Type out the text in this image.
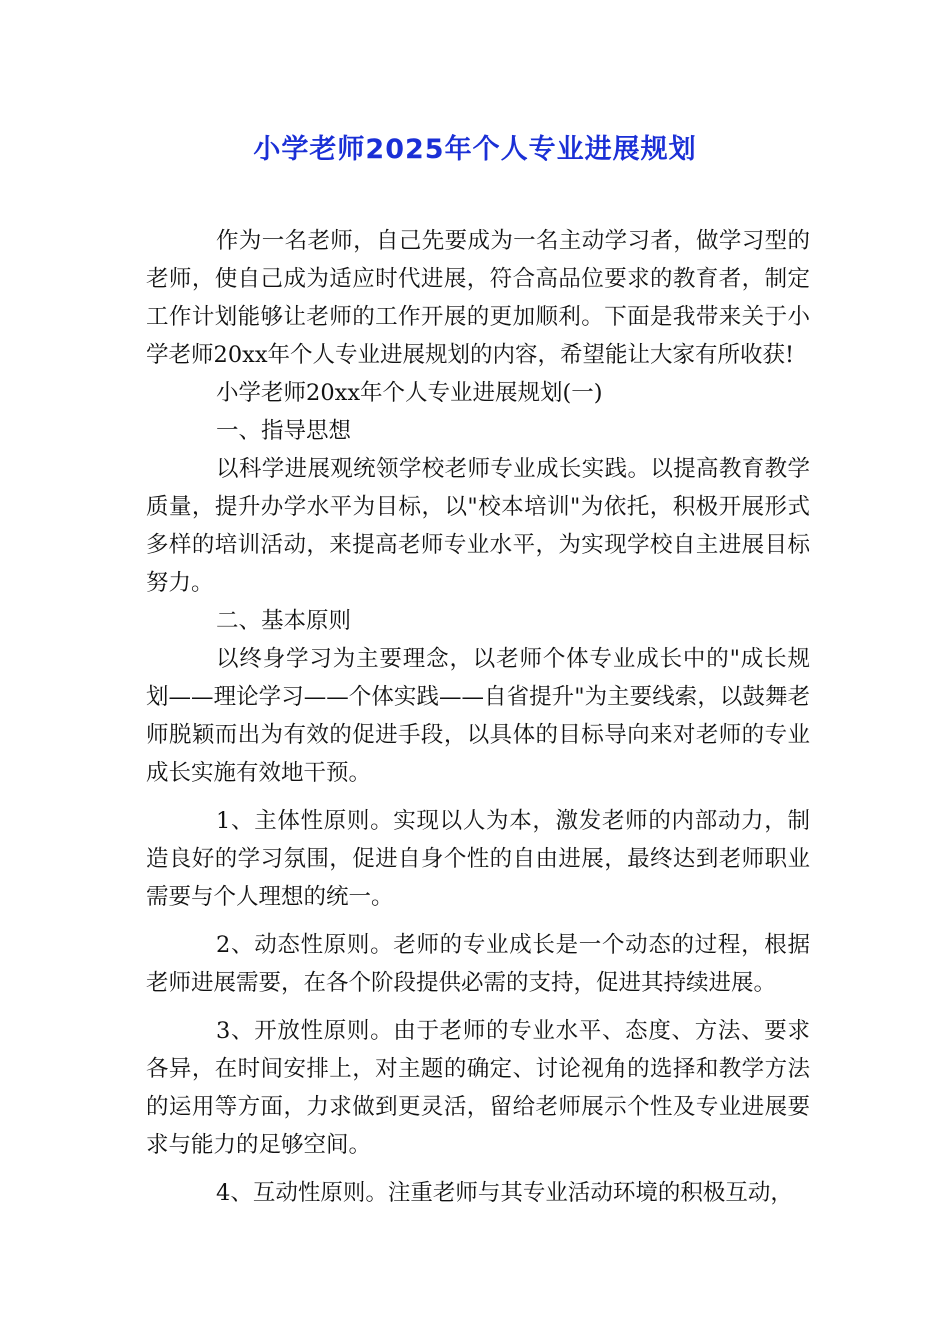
小学老师2025年个人专业进展规划

作为一名老师，自己先要成为一名主动学习者，做学习型的老师，使自己成为适应时代进展，符合高品位要求的教育者，制定工作计划能够让老师的工作开展的更加顺利。下面是我带来关于小学老师20xx年个人专业进展规划的内容，希望能让大家有所收获!

小学老师20xx年个人专业进展规划(一)

一、指导思想

以科学进展观统领学校老师专业成长实践。以提高教育教学质量，提升办学水平为目标，以"校本培训"为依托，积极开展形式多样的培训活动，来提高老师专业水平，为实现学校自主进展目标努力。

二、基本原则

以终身学习为主要理念，以老师个体专业成长中的"成长规划——理论学习——个体实践——自省提升"为主要线索，以鼓舞老师脱颖而出为有效的促进手段，以具体的目标导向来对老师的专业成长实施有效地干预。

1、主体性原则。实现以人为本，激发老师的内部动力，制造良好的学习氛围，促进自身个性的自由进展，最终达到老师职业需要与个人理想的统一。

2、动态性原则。老师的专业成长是一个动态的过程，根据老师进展需要，在各个阶段提供必需的支持，促进其持续进展。

3、开放性原则。由于老师的专业水平、态度、方法、要求各异，在时间安排上，对主题的确定、讨论视角的选择和教学方法的运用等方面，力求做到更灵活，留给老师展示个性及专业进展要求与能力的足够空间。

4、互动性原则。注重老师与其专业活动环境的积极互动，
